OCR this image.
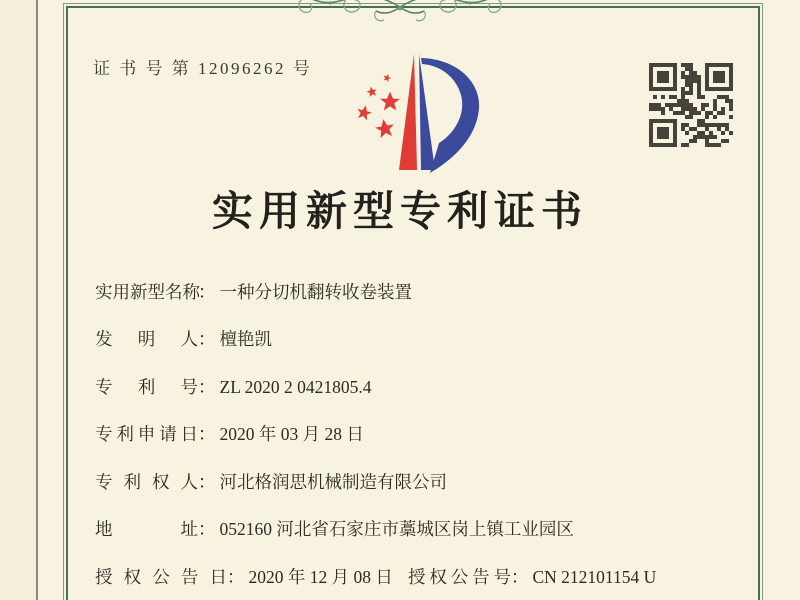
证 书 号 第 12096262 号
实用新型专利证书
实用新型名称： 一种分切机翻转收卷装置
发明人： 檀艳凯
专利号： ZL 2020 2 0421805.4
专利申请日： 2020 年 03 月 28 日
专利权人： 河北格润思机械制造有限公司
地址： 052160 河北省石家庄市藁城区岗上镇工业园区
授权公告日： 2020 年 12 月 08 日 授权公告号： CN 212101154 U
